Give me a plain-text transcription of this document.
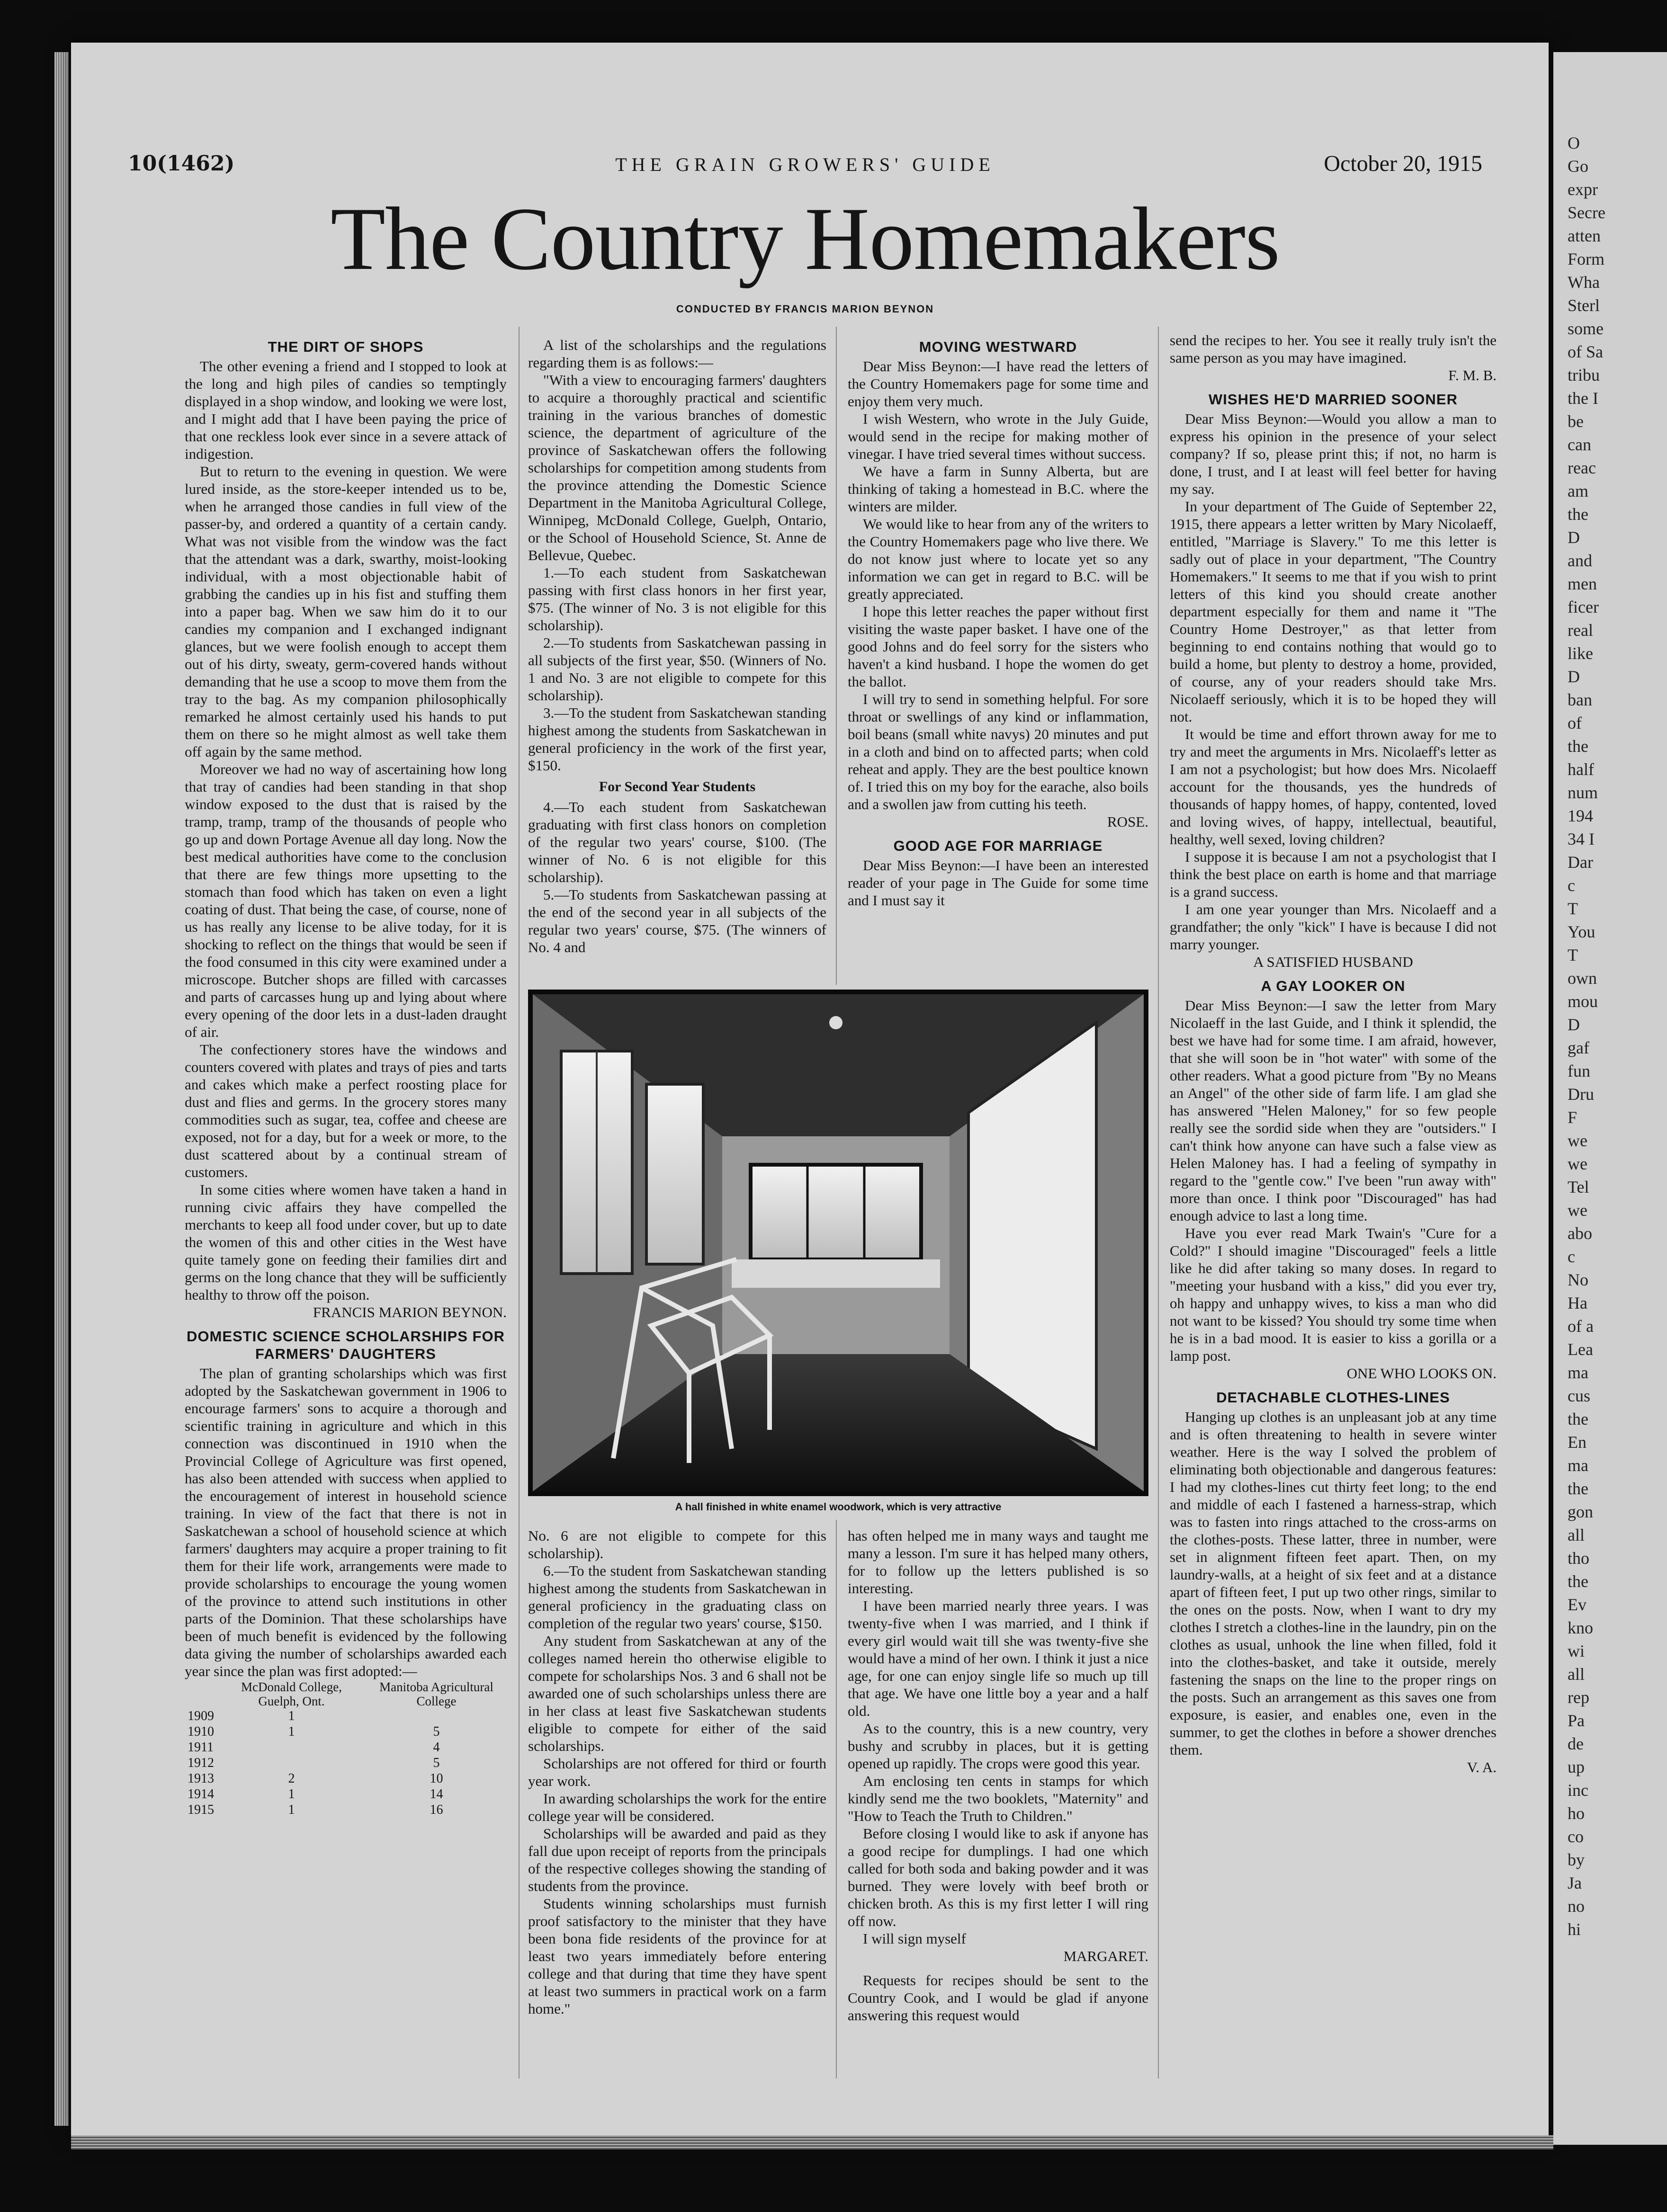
O
Go
expr
Secre
atten
Form
Wha
Sterl
some
of Sa
tribu
the I
be
can
reac
am
the
D
and
men
ficer
real
like
D
ban
of
the
half
num
194
34 I
Dar
c
T
You
T
own
mou
D
gaf
fun
Dru
F
we
we
Tel
we
abo
c
No
Ha
of a
Lea
ma
cus
the
En
ma
the
gon
all
tho
the
Ev
kno
wi
all
rep
Pa
de
up
inc
ho
co
by
Ja
no
hi
10(1462)	THE GRAIN GROWERS' GUIDE	October 20, 1915
The Country Homemakers
CONDUCTED BY FRANCIS MARION BEYNON
THE DIRT OF SHOPS

The other evening a friend and I stopped to look at the long and high piles of candies so temptingly displayed in a shop window, and looking we were lost, and I might add that I have been paying the price of that one reckless look ever since in a severe attack of indigestion.

But to return to the evening in question. We were lured inside, as the store-keeper intended us to be, when he arranged those candies in full view of the passer-by, and ordered a quantity of a certain candy. What was not visible from the window was the fact that the attendant was a dark, swarthy, moist-looking individual, with a most objectionable habit of grabbing the candies up in his fist and stuffing them into a paper bag. When we saw him do it to our candies my companion and I exchanged indignant glances, but we were foolish enough to accept them out of his dirty, sweaty, germ-covered hands without demanding that he use a scoop to move them from the tray to the bag. As my companion philosophically remarked he almost certainly used his hands to put them on there so he might almost as well take them off again by the same method.

Moreover we had no way of ascertaining how long that tray of candies had been standing in that shop window exposed to the dust that is raised by the tramp, tramp, tramp of the thousands of people who go up and down Portage Avenue all day long. Now the best medical authorities have come to the conclusion that there are few things more upsetting to the stomach than food which has taken on even a light coating of dust. That being the case, of course, none of us has really any license to be alive today, for it is shocking to reflect on the things that would be seen if the food consumed in this city were examined under a microscope. Butcher shops are filled with carcasses and parts of carcasses hung up and lying about where every opening of the door lets in a dust-laden draught of air.

The confectionery stores have the windows and counters covered with plates and trays of pies and tarts and cakes which make a perfect roosting place for dust and flies and germs. In the grocery stores many commodities such as sugar, tea, coffee and cheese are exposed, not for a day, but for a week or more, to the dust scattered about by a continual stream of customers.

In some cities where women have taken a hand in running civic affairs they have compelled the merchants to keep all food under cover, but up to date the women of this and other cities in the West have quite tamely gone on feeding their families dirt and germs on the long chance that they will be sufficiently healthy to throw off the poison.

FRANCIS MARION BEYNON.

DOMESTIC SCIENCE SCHOLARSHIPS FOR FARMERS' DAUGHTERS

The plan of granting scholarships which was first adopted by the Saskatchewan government in 1906 to encourage farmers' sons to acquire a thorough and scientific training in agriculture and which in this connection was discontinued in 1910 when the Provincial College of Agriculture was first opened, has also been attended with success when applied to the encouragement of interest in household science training. In view of the fact that there is not in Saskatchewan a school of household science at which farmers' daughters may acquire a proper training to fit them for their life work, arrangements were made to provide scholarships to encourage the young women of the province to attend such institutions in other parts of the Dominion. That these scholarships have been of much benefit is evidenced by the following data giving the number of scholarships awarded each year since the plan was first adopted:—

	McDonald College, Guelph, Ont.	Manitoba Agricultural College
1909	1	
1910	1	5
1911		4
1912		5
1913	2	10
1914	1	14
1915	1	16

A list of the scholarships and the regulations regarding them is as follows:—

"With a view to encouraging farmers' daughters to acquire a thoroughly practical and scientific training in the various branches of domestic science, the department of agriculture of the province of Saskatchewan offers the following scholarships for competition among students from the province attending the Domestic Science Department in the Manitoba Agricultural College, Winnipeg, McDonald College, Guelph, Ontario, or the School of Household Science, St. Anne de Bellevue, Quebec.

1.—To each student from Saskatchewan passing with first class honors in her first year, $75. (The winner of No. 3 is not eligible for this scholarship).

2.—To students from Saskatchewan passing in all subjects of the first year, $50. (Winners of No. 1 and No. 3 are not eligible to compete for this scholarship).

3.—To the student from Saskatchewan standing highest among the students from Saskatchewan in general proficiency in the work of the first year, $150.

For Second Year Students

4.—To each student from Saskatchewan graduating with first class honors on completion of the regular two years' course, $100. (The winner of No. 6 is not eligible for this scholarship).

5.—To students from Saskatchewan passing at the end of the second year in all subjects of the regular two years' course, $75. (The winners of No. 4 and

MOVING WESTWARD

Dear Miss Beynon:—I have read the letters of the Country Homemakers page for some time and enjoy them very much.

I wish Western, who wrote in the July Guide, would send in the recipe for making mother of vinegar. I have tried several times without success.

We have a farm in Sunny Alberta, but are thinking of taking a homestead in B.C. where the winters are milder.

We would like to hear from any of the writers to the Country Homemakers page who live there. We do not know just where to locate yet so any information we can get in regard to B.C. will be greatly appreciated.

I hope this letter reaches the paper without first visiting the waste paper basket. I have one of the good Johns and do feel sorry for the sisters who haven't a kind husband. I hope the women do get the ballot.

I will try to send in something helpful. For sore throat or swellings of any kind or inflammation, boil beans (small white navys) 20 minutes and put in a cloth and bind on to affected parts; when cold reheat and apply. They are the best poultice known of. I tried this on my boy for the earache, also boils and a swollen jaw from cutting his teeth.

ROSE.

GOOD AGE FOR MARRIAGE

Dear Miss Beynon:—I have been an interested reader of your page in The Guide for some time and I must say it

A hall finished in white enamel woodwork, which is very attractive

No. 6 are not eligible to compete for this scholarship).

6.—To the student from Saskatchewan standing highest among the students from Saskatchewan in general proficiency in the graduating class on completion of the regular two years' course, $150.

Any student from Saskatchewan at any of the colleges named herein tho otherwise eligible to compete for scholarships Nos. 3 and 6 shall not be awarded one of such scholarships unless there are in her class at least five Saskatchewan students eligible to compete for either of the said scholarships.

Scholarships are not offered for third or fourth year work.

In awarding scholarships the work for the entire college year will be considered.

Scholarships will be awarded and paid as they fall due upon receipt of reports from the principals of the respective colleges showing the standing of students from the province.

Students winning scholarships must furnish proof satisfactory to the minister that they have been bona fide residents of the province for at least two years immediately before entering college and that during that time they have spent at least two summers in practical work on a farm home."

has often helped me in many ways and taught me many a lesson. I'm sure it has helped many others, for to follow up the letters published is so interesting.

I have been married nearly three years. I was twenty-five when I was married, and I think if every girl would wait till she was twenty-five she would have a mind of her own. I think it just a nice age, for one can enjoy single life so much up till that age. We have one little boy a year and a half old.

As to the country, this is a new country, very bushy and scrubby in places, but it is getting opened up rapidly. The crops were good this year.

Am enclosing ten cents in stamps for which kindly send me the two booklets, "Maternity" and "How to Teach the Truth to Children."

Before closing I would like to ask if anyone has a good recipe for dumplings. I had one which called for both soda and baking powder and it was burned. They were lovely with beef broth or chicken broth. As this is my first letter I will ring off now.

I will sign myself

MARGARET.

Requests for recipes should be sent to the Country Cook, and I would be glad if anyone answering this request would

send the recipes to her. You see it really truly isn't the same person as you may have imagined.

F. M. B.

WISHES HE'D MARRIED SOONER

Dear Miss Beynon:—Would you allow a man to express his opinion in the presence of your select company? If so, please print this; if not, no harm is done, I trust, and I at least will feel better for having my say.

In your department of The Guide of September 22, 1915, there appears a letter written by Mary Nicolaeff, entitled, "Marriage is Slavery." To me this letter is sadly out of place in your department, "The Country Homemakers." It seems to me that if you wish to print letters of this kind you should create another department especially for them and name it "The Country Home Destroyer," as that letter from beginning to end contains nothing that would go to build a home, but plenty to destroy a home, provided, of course, any of your readers should take Mrs. Nicolaeff seriously, which it is to be hoped they will not.

It would be time and effort thrown away for me to try and meet the arguments in Mrs. Nicolaeff's letter as I am not a psychologist; but how does Mrs. Nicolaeff account for the thousands, yes the hundreds of thousands of happy homes, of happy, contented, loved and loving wives, of happy, intellectual, beautiful, healthy, well sexed, loving children?

I suppose it is because I am not a psychologist that I think the best place on earth is home and that marriage is a grand success.

I am one year younger than Mrs. Nicolaeff and a grandfather; the only "kick" I have is because I did not marry younger.

A SATISFIED HUSBAND

A GAY LOOKER ON

Dear Miss Beynon:—I saw the letter from Mary Nicolaeff in the last Guide, and I think it splendid, the best we have had for some time. I am afraid, however, that she will soon be in "hot water" with some of the other readers. What a good picture from "By no Means an Angel" of the other side of farm life. I am glad she has answered "Helen Maloney," for so few people really see the sordid side when they are "outsiders." I can't think how anyone can have such a false view as Helen Maloney has. I had a feeling of sympathy in regard to the "gentle cow." I've been "run away with" more than once. I think poor "Discouraged" has had enough advice to last a long time.

Have you ever read Mark Twain's "Cure for a Cold?" I should imagine "Discouraged" feels a little like he did after taking so many doses. In regard to "meeting your husband with a kiss," did you ever try, oh happy and unhappy wives, to kiss a man who did not want to be kissed? You should try some time when he is in a bad mood. It is easier to kiss a gorilla or a lamp post.

ONE WHO LOOKS ON.

DETACHABLE CLOTHES-LINES

Hanging up clothes is an unpleasant job at any time and is often threatening to health in severe winter weather. Here is the way I solved the problem of eliminating both objectionable and dangerous features: I had my clothes-lines cut thirty feet long; to the end and middle of each I fastened a harness-strap, which was to fasten into rings attached to the cross-arms on the clothes-posts. These latter, three in number, were set in alignment fifteen feet apart. Then, on my laundry-walls, at a height of six feet and at a distance apart of fifteen feet, I put up two other rings, similar to the ones on the posts. Now, when I want to dry my clothes I stretch a clothes-line in the laundry, pin on the clothes as usual, unhook the line when filled, fold it into the clothes-basket, and take it outside, merely fastening the snaps on the line to the proper rings on the posts. Such an arrangement as this saves one from exposure, is easier, and enables one, even in the summer, to get the clothes in before a shower drenches them.

V. A.
